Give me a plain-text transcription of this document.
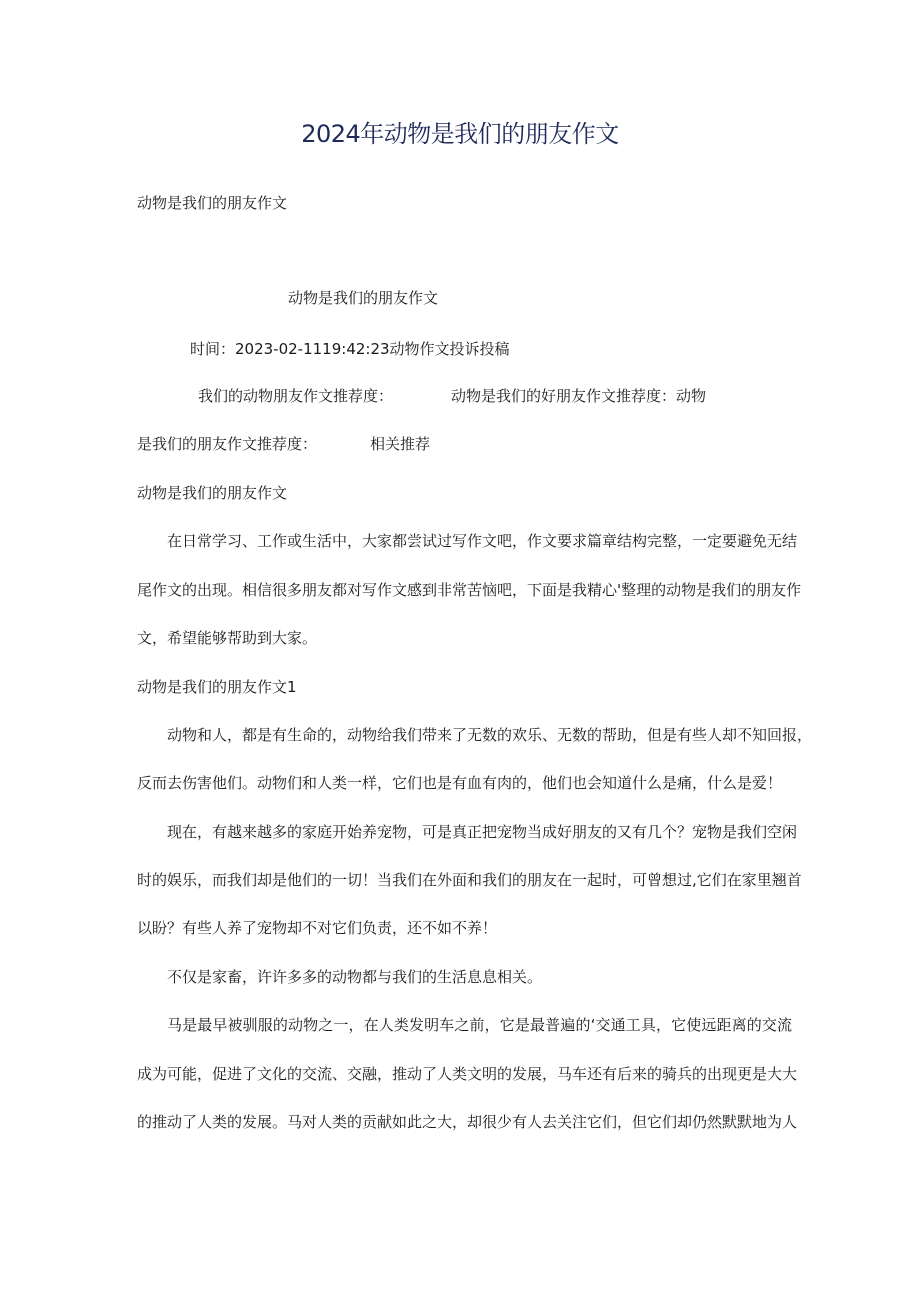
2024年动物是我们的朋友作文
动物是我们的朋友作文
动物是我们的朋友作文
时间：2023-02-1119:42:23动物作文投诉投稿
我们的动物朋友作文推荐度：	动物是我们的好朋友作文推荐度：动物
是我们的朋友作文推荐度：	相关推荐
动物是我们的朋友作文
在日常学习、工作或生活中，大家都尝试过写作文吧，作文要求篇章结构完整，一定要避免无结
尾作文的出现。相信很多朋友都对写作文感到非常苦恼吧，下面是我精心'整理的动物是我们的朋友作
文，希望能够帮助到大家。
动物是我们的朋友作文1
动物和人，都是有生命的，动物给我们带来了无数的欢乐、无数的帮助，但是有些人却不知回报，
反而去伤害他们。动物们和人类一样，它们也是有血有肉的，他们也会知道什么是痛，什么是爱！
现在，有越来越多的家庭开始养宠物，可是真正把宠物当成好朋友的又有几个？宠物是我们空闲
时的娱乐，而我们却是他们的一切！当我们在外面和我们的朋友在一起时，可曾想过,它们在家里翘首
以盼？有些人养了宠物却不对它们负责，还不如不养！
不仅是家畜，许许多多的动物都与我们的生活息息相关。
马是最早被驯服的动物之一，在人类发明车之前，它是最普遍的‘交通工具，它使远距离的交流
成为可能，促进了文化的交流、交融，推动了人类文明的发展，马车还有后来的骑兵的出现更是大大
的推动了人类的发展。马对人类的贡献如此之大，却很少有人去关注它们，但它们却仍然默默地为人
